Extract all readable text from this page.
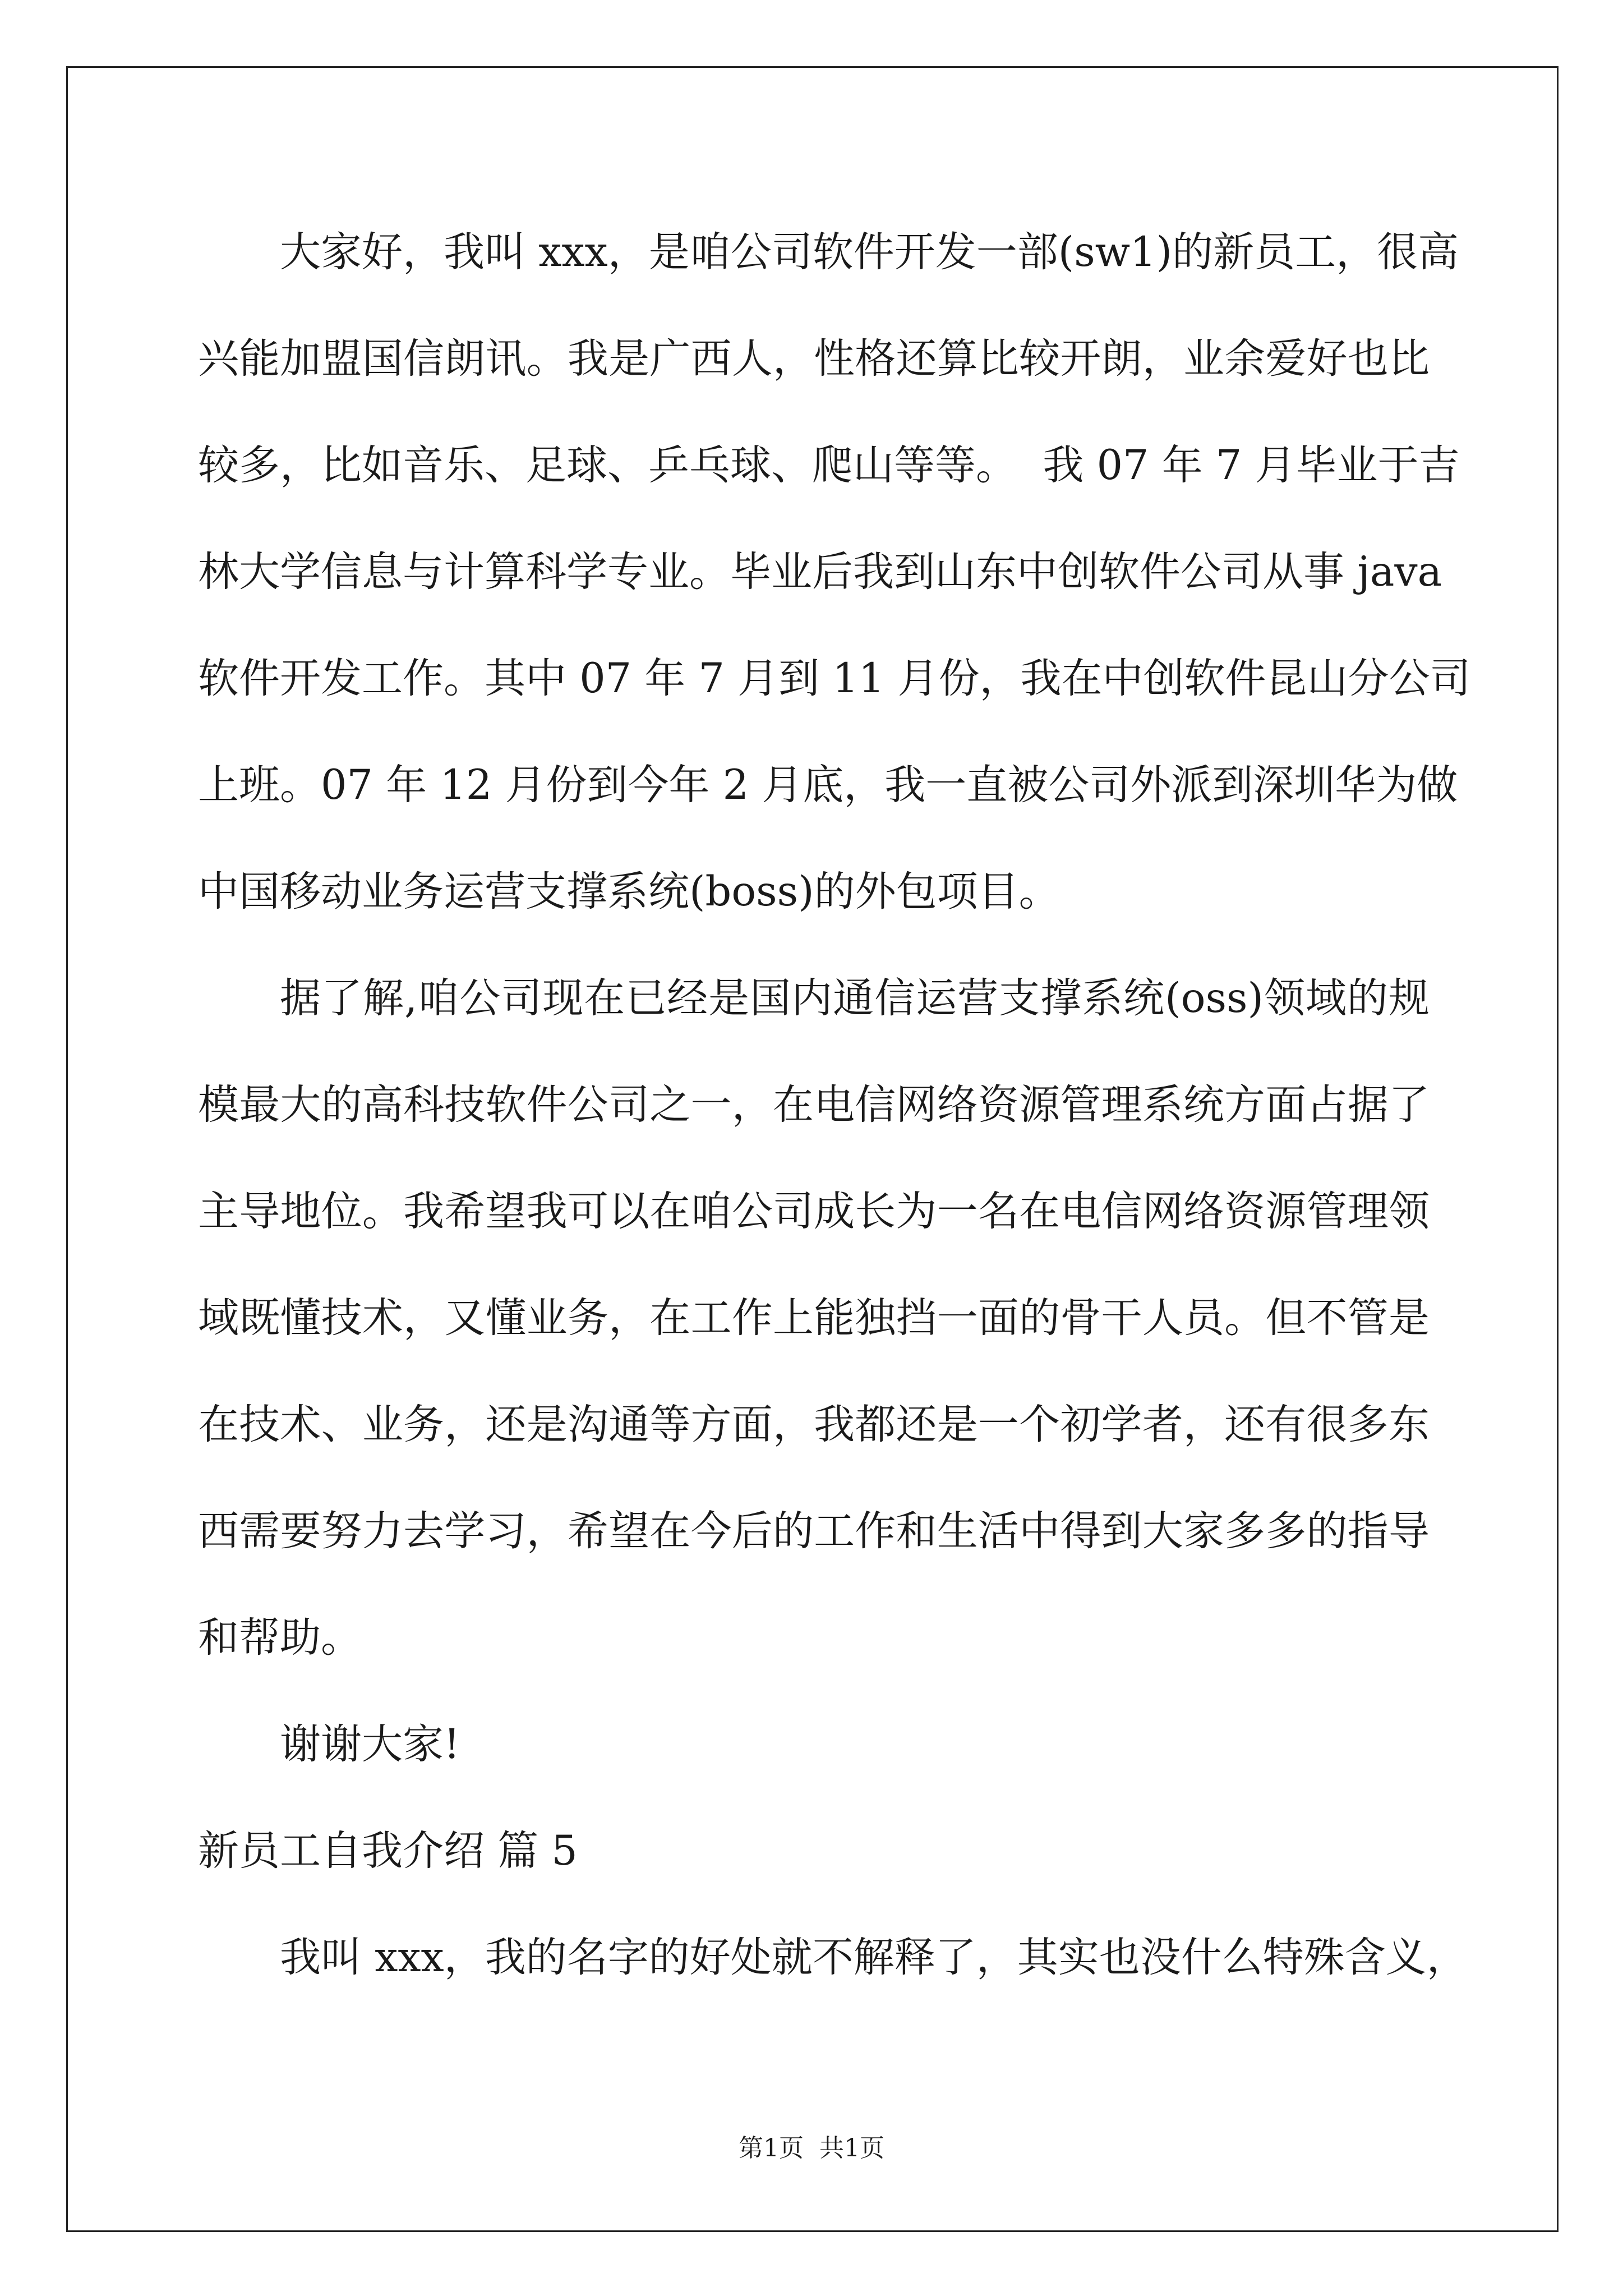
大家好，我叫 xxx，是咱公司软件开发一部(sw1)的新员工，很高
兴能加盟国信朗讯。我是广西人，性格还算比较开朗，业余爱好也比
较多，比如音乐、足球、乒乓球、爬山等等。  我 07 年 7 月毕业于吉
林大学信息与计算科学专业。毕业后我到山东中创软件公司从事 java
软件开发工作。其中 07 年 7 月到 11 月份，我在中创软件昆山分公司
上班。07 年 12 月份到今年 2 月底，我一直被公司外派到深圳华为做
中国移动业务运营支撑系统(boss)的外包项目。
据了解,咱公司现在已经是国内通信运营支撑系统(oss)领域的规
模最大的高科技软件公司之一，在电信网络资源管理系统方面占据了
主导地位。我希望我可以在咱公司成长为一名在电信网络资源管理领
域既懂技术，又懂业务，在工作上能独挡一面的骨干人员。但不管是
在技术、业务，还是沟通等方面，我都还是一个初学者，还有很多东
西需要努力去学习，希望在今后的工作和生活中得到大家多多的指导
和帮助。
谢谢大家!
新员工自我介绍 篇 5
我叫 xxx，我的名字的好处就不解释了，其实也没什么特殊含义，
第1页  共1页
